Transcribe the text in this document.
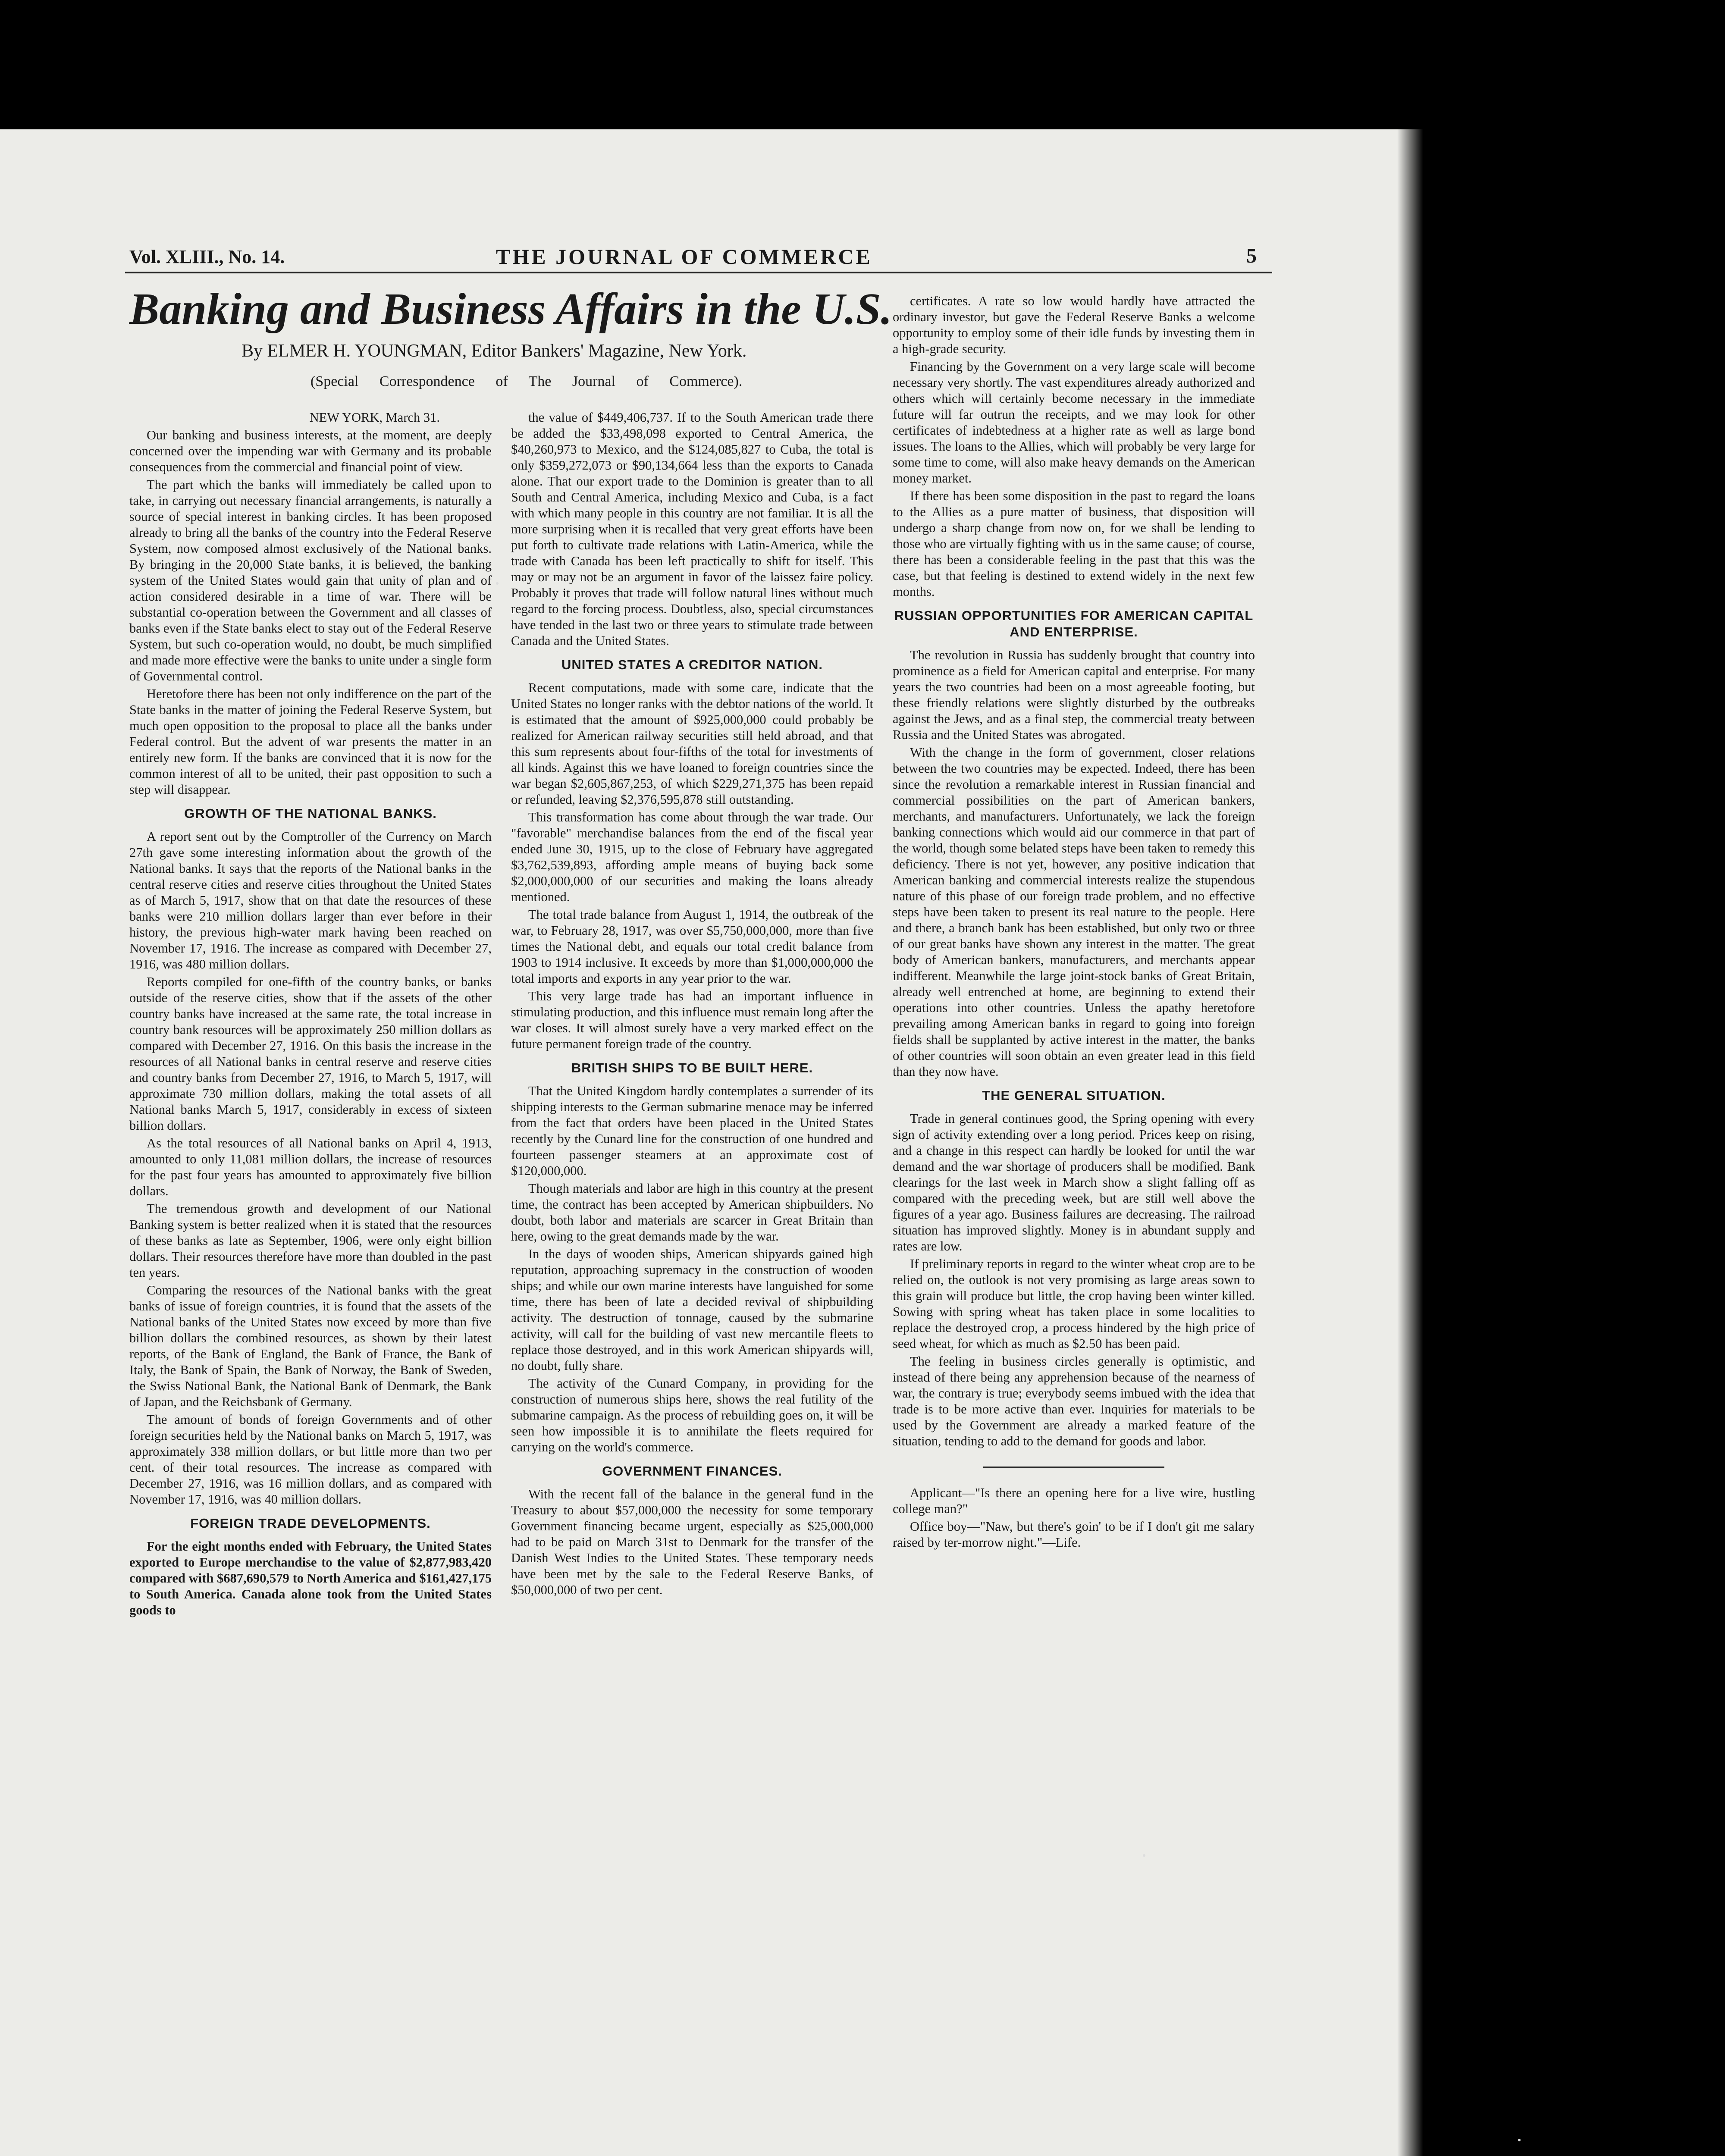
Vol. XLIII., No. 14.	THE JOURNAL OF COMMERCE	5
Banking and Business Affairs in the U.S.
By ELMER H. YOUNGMAN, Editor Bankers' Magazine, New York.
(Special Correspondence of The Journal of Commerce).

NEW YORK, March 31.

Our banking and business interests, at the moment, are deeply concerned over the impending war with Germany and its probable consequences from the commercial and financial point of view.

The part which the banks will immediately be called upon to take, in carrying out necessary financial arrangements, is naturally a source of special interest in banking circles. It has been proposed already to bring all the banks of the country into the Federal Reserve System, now composed almost exclusively of the National banks. By bringing in the 20,000 State banks, it is believed, the banking system of the United States would gain that unity of plan and of action considered desirable in a time of war. There will be substantial co-operation between the Government and all classes of banks even if the State banks elect to stay out of the Federal Reserve System, but such co-operation would, no doubt, be much simplified and made more effective were the banks to unite under a single form of Governmental control.

Heretofore there has been not only indifference on the part of the State banks in the matter of joining the Federal Reserve System, but much open opposition to the proposal to place all the banks under Federal control. But the advent of war presents the matter in an entirely new form. If the banks are convinced that it is now for the common interest of all to be united, their past opposition to such a step will disappear.

GROWTH OF THE NATIONAL BANKS.

A report sent out by the Comptroller of the Currency on March 27th gave some interesting information about the growth of the National banks. It says that the reports of the National banks in the central reserve cities and reserve cities throughout the United States as of March 5, 1917, show that on that date the resources of these banks were 210 million dollars larger than ever before in their history, the previous high-water mark having been reached on November 17, 1916. The increase as compared with December 27, 1916, was 480 million dollars.

Reports compiled for one-fifth of the country banks, or banks outside of the reserve cities, show that if the assets of the other country banks have increased at the same rate, the total increase in country bank resources will be approximately 250 million dollars as compared with December 27, 1916. On this basis the increase in the resources of all National banks in central reserve and reserve cities and country banks from December 27, 1916, to March 5, 1917, will approximate 730 million dollars, making the total assets of all National banks March 5, 1917, considerably in excess of sixteen billion dollars.

As the total resources of all National banks on April 4, 1913, amounted to only 11,081 million dollars, the increase of resources for the past four years has amounted to approximately five billion dollars.

The tremendous growth and development of our National Banking system is better realized when it is stated that the resources of these banks as late as September, 1906, were only eight billion dollars. Their resources therefore have more than doubled in the past ten years.

Comparing the resources of the National banks with the great banks of issue of foreign countries, it is found that the assets of the National banks of the United States now exceed by more than five billion dollars the combined resources, as shown by their latest reports, of the Bank of England, the Bank of France, the Bank of Italy, the Bank of Spain, the Bank of Norway, the Bank of Sweden, the Swiss National Bank, the National Bank of Denmark, the Bank of Japan, and the Reichsbank of Germany.

The amount of bonds of foreign Governments and of other foreign securities held by the National banks on March 5, 1917, was approximately 338 million dollars, or but little more than two per cent. of their total resources. The increase as compared with December 27, 1916, was 16 million dollars, and as compared with November 17, 1916, was 40 million dollars.

FOREIGN TRADE DEVELOPMENTS.

For the eight months ended with February, the United States exported to Europe merchandise to the value of $2,877,983,420 compared with $687,690,579 to North America and $161,427,175 to South America. Canada alone took from the United States goods to

the value of $449,406,737. If to the South American trade there be added the $33,498,098 exported to Central America, the $40,260,973 to Mexico, and the $124,085,827 to Cuba, the total is only $359,272,073 or $90,134,664 less than the exports to Canada alone. That our export trade to the Dominion is greater than to all South and Central America, including Mexico and Cuba, is a fact with which many people in this country are not familiar. It is all the more surprising when it is recalled that very great efforts have been put forth to cultivate trade relations with Latin-America, while the trade with Canada has been left practically to shift for itself. This may or may not be an argument in favor of the laissez faire policy. Probably it proves that trade will follow natural lines without much regard to the forcing process. Doubtless, also, special circumstances have tended in the last two or three years to stimulate trade between Canada and the United States.

UNITED STATES A CREDITOR NATION.

Recent computations, made with some care, indicate that the United States no longer ranks with the debtor nations of the world. It is estimated that the amount of $925,000,000 could probably be realized for American railway securities still held abroad, and that this sum represents about four-fifths of the total for investments of all kinds. Against this we have loaned to foreign countries since the war began $2,605,867,253, of which $229,271,375 has been repaid or refunded, leaving $2,376,595,878 still outstanding.

This transformation has come about through the war trade. Our "favorable" merchandise balances from the end of the fiscal year ended June 30, 1915, up to the close of February have aggregated $3,762,539,893, affording ample means of buying back some $2,000,000,000 of our securities and making the loans already mentioned.

The total trade balance from August 1, 1914, the outbreak of the war, to February 28, 1917, was over $5,750,000,000, more than five times the National debt, and equals our total credit balance from 1903 to 1914 inclusive. It exceeds by more than $1,000,000,000 the total imports and exports in any year prior to the war.

This very large trade has had an important influence in stimulating production, and this influence must remain long after the war closes. It will almost surely have a very marked effect on the future permanent foreign trade of the country.

BRITISH SHIPS TO BE BUILT HERE.

That the United Kingdom hardly contemplates a surrender of its shipping interests to the German submarine menace may be inferred from the fact that orders have been placed in the United States recently by the Cunard line for the construction of one hundred and fourteen passenger steamers at an approximate cost of $120,000,000.

Though materials and labor are high in this country at the present time, the contract has been accepted by American shipbuilders. No doubt, both labor and materials are scarcer in Great Britain than here, owing to the great demands made by the war.

In the days of wooden ships, American shipyards gained high reputation, approaching supremacy in the construction of wooden ships; and while our own marine interests have languished for some time, there has been of late a decided revival of shipbuilding activity. The destruction of tonnage, caused by the submarine activity, will call for the building of vast new mercantile fleets to replace those destroyed, and in this work American shipyards will, no doubt, fully share.

The activity of the Cunard Company, in providing for the construction of numerous ships here, shows the real futility of the submarine campaign. As the process of rebuilding goes on, it will be seen how impossible it is to annihilate the fleets required for carrying on the world's commerce.

GOVERNMENT FINANCES.

With the recent fall of the balance in the general fund in the Treasury to about $57,000,000 the necessity for some temporary Government financing became urgent, especially as $25,000,000 had to be paid on March 31st to Denmark for the transfer of the Danish West Indies to the United States. These temporary needs have been met by the sale to the Federal Reserve Banks, of $50,000,000 of two per cent.

certificates. A rate so low would hardly have attracted the ordinary investor, but gave the Federal Reserve Banks a welcome opportunity to employ some of their idle funds by investing them in a high-grade security.

Financing by the Government on a very large scale will become necessary very shortly. The vast expenditures already authorized and others which will certainly become necessary in the immediate future will far outrun the receipts, and we may look for other certificates of indebtedness at a higher rate as well as large bond issues. The loans to the Allies, which will probably be very large for some time to come, will also make heavy demands on the American money market.

If there has been some disposition in the past to regard the loans to the Allies as a pure matter of business, that disposition will undergo a sharp change from now on, for we shall be lending to those who are virtually fighting with us in the same cause; of course, there has been a considerable feeling in the past that this was the case, but that feeling is destined to extend widely in the next few months.

RUSSIAN OPPORTUNITIES FOR AMERICAN CAPITAL AND ENTERPRISE.

The revolution in Russia has suddenly brought that country into prominence as a field for American capital and enterprise. For many years the two countries had been on a most agreeable footing, but these friendly relations were slightly disturbed by the outbreaks against the Jews, and as a final step, the commercial treaty between Russia and the United States was abrogated.

With the change in the form of government, closer relations between the two countries may be expected. Indeed, there has been since the revolution a remarkable interest in Russian financial and commercial possibilities on the part of American bankers, merchants, and manufacturers. Unfortunately, we lack the foreign banking connections which would aid our commerce in that part of the world, though some belated steps have been taken to remedy this deficiency. There is not yet, however, any positive indication that American banking and commercial interests realize the stupendous nature of this phase of our foreign trade problem, and no effective steps have been taken to present its real nature to the people. Here and there, a branch bank has been established, but only two or three of our great banks have shown any interest in the matter. The great body of American bankers, manufacturers, and merchants appear indifferent. Meanwhile the large joint-stock banks of Great Britain, already well entrenched at home, are beginning to extend their operations into other countries. Unless the apathy heretofore prevailing among American banks in regard to going into foreign fields shall be supplanted by active interest in the matter, the banks of other countries will soon obtain an even greater lead in this field than they now have.

THE GENERAL SITUATION.

Trade in general continues good, the Spring opening with every sign of activity extending over a long period. Prices keep on rising, and a change in this respect can hardly be looked for until the war demand and the war shortage of producers shall be modified. Bank clearings for the last week in March show a slight falling off as compared with the preceding week, but are still well above the figures of a year ago. Business failures are decreasing. The railroad situation has improved slightly. Money is in abundant supply and rates are low.

If preliminary reports in regard to the winter wheat crop are to be relied on, the outlook is not very promising as large areas sown to this grain will produce but little, the crop having been winter killed. Sowing with spring wheat has taken place in some localities to replace the destroyed crop, a process hindered by the high price of seed wheat, for which as much as $2.50 has been paid.

The feeling in business circles generally is optimistic, and instead of there being any apprehension because of the nearness of war, the contrary is true; everybody seems imbued with the idea that trade is to be more active than ever. Inquiries for materials to be used by the Government are already a marked feature of the situation, tending to add to the demand for goods and labor.

Applicant—"Is there an opening here for a live wire, hustling college man?"

Office boy—"Naw, but there's goin' to be if I don't git me salary raised by ter-morrow night."—Life.
